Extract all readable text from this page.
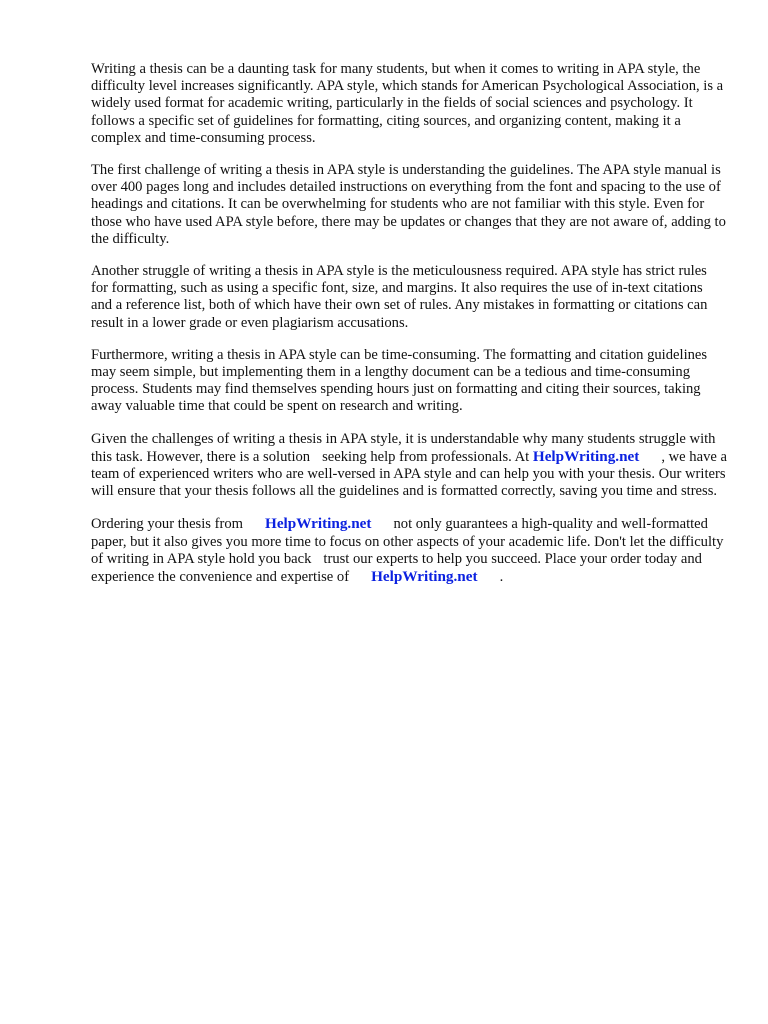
Writing a thesis can be a daunting task for many students, but when it comes to writing in APA style, the difficulty level increases significantly. APA style, which stands for American Psychological Association, is a widely used format for academic writing, particularly in the fields of social sciences and psychology. It follows a specific set of guidelines for formatting, citing sources, and organizing content, making it a complex and time-consuming process.

The first challenge of writing a thesis in APA style is understanding the guidelines. The APA style manual is over 400 pages long and includes detailed instructions on everything from the font and spacing to the use of headings and citations. It can be overwhelming for students who are not familiar with this style. Even for those who have used APA style before, there may be updates or changes that they are not aware of, adding to the difficulty.

Another struggle of writing a thesis in APA style is the meticulousness required. APA style has strict rules for formatting, such as using a specific font, size, and margins. It also requires the use of in-text citations and a reference list, both of which have their own set of rules. Any mistakes in formatting or citations can result in a lower grade or even plagiarism accusations.

Furthermore, writing a thesis in APA style can be time-consuming. The formatting and citation guidelines may seem simple, but implementing them in a lengthy document can be a tedious and time-consuming process. Students may find themselves spending hours just on formatting and citing their sources, taking away valuable time that could be spent on research and writing.

Given the challenges of writing a thesis in APA style, it is understandable why many students struggle with this task. However, there is a solution seeking help from professionals. At HelpWriting.net , we have a team of experienced writers who are well-versed in APA style and can help you with your thesis. Our writers will ensure that your thesis follows all the guidelines and is formatted correctly, saving you time and stress.

Ordering your thesis from HelpWriting.net not only guarantees a high-quality and well-formatted paper, but it also gives you more time to focus on other aspects of your academic life. Don't let the difficulty of writing in APA style hold you back trust our experts to help you succeed. Place your order today and experience the convenience and expertise of HelpWriting.net .
